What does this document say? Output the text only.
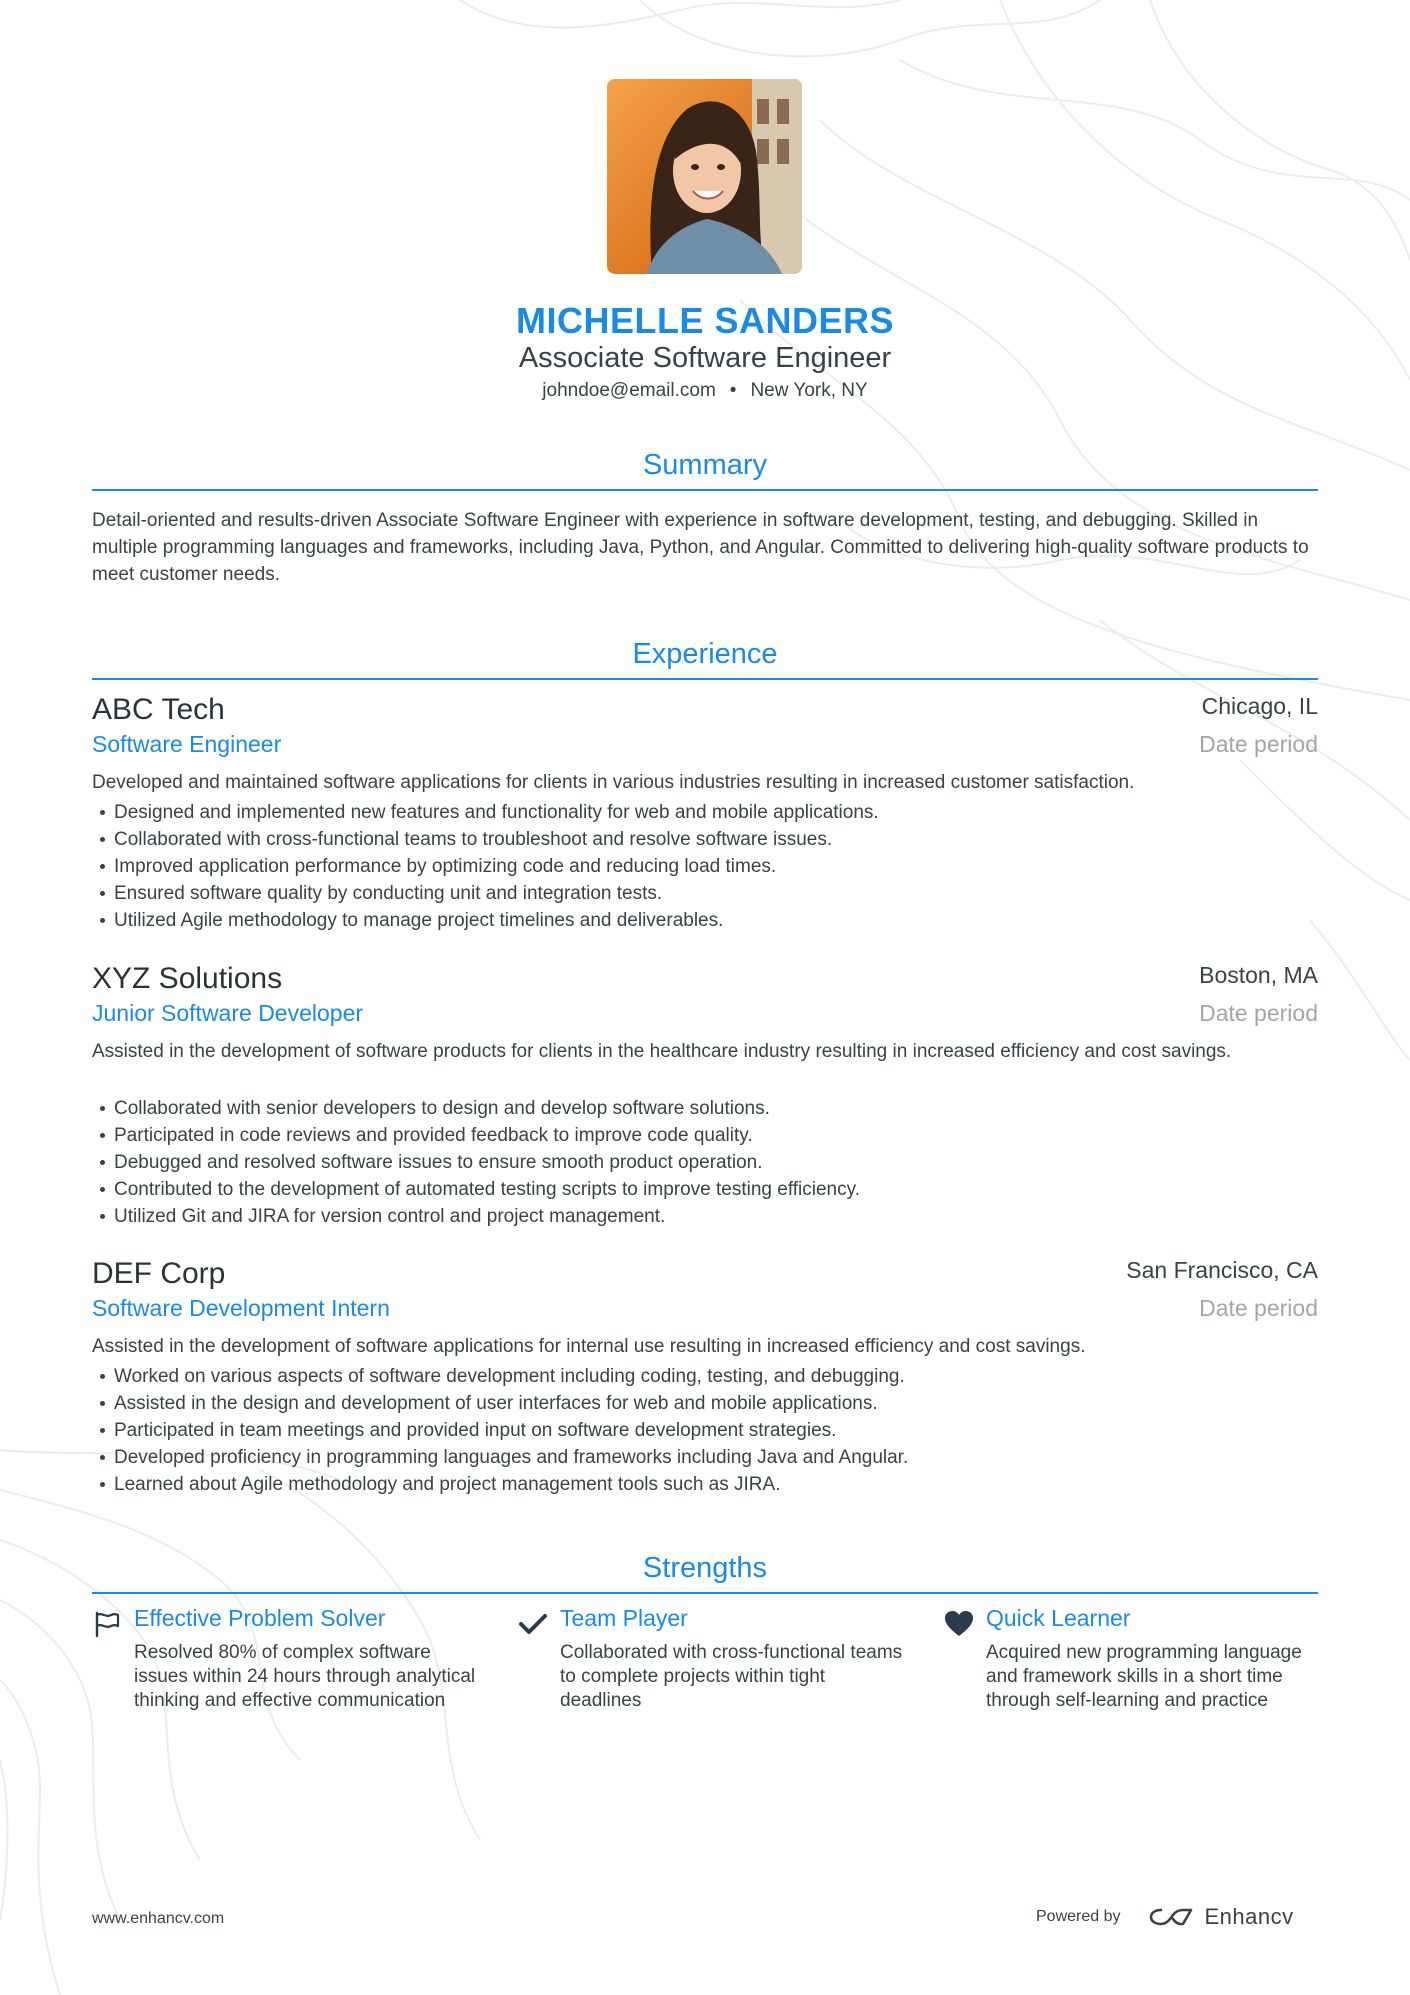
MICHELLE SANDERS
Associate Software Engineer
johndoe@email.com • New York, NY
Summary

Detail-oriented and results-driven Associate Software Engineer with experience in software development, testing, and debugging. Skilled in multiple programming languages and frameworks, including Java, Python, and Angular. Committed to delivering high-quality software products to meet customer needs.

Experience
ABC Tech	Chicago, IL
Software Engineer	Date period

Developed and maintained software applications for clients in various industries resulting in increased customer satisfaction.

Designed and implemented new features and functionality for web and mobile applications.
Collaborated with cross-functional teams to troubleshoot and resolve software issues.
Improved application performance by optimizing code and reducing load times.
Ensured software quality by conducting unit and integration tests.
Utilized Agile methodology to manage project timelines and deliverables.
XYZ Solutions	Boston, MA
Junior Software Developer	Date period

Assisted in the development of software products for clients in the healthcare industry resulting in increased efficiency and cost savings.

Collaborated with senior developers to design and develop software solutions.
Participated in code reviews and provided feedback to improve code quality.
Debugged and resolved software issues to ensure smooth product operation.
Contributed to the development of automated testing scripts to improve testing efficiency.
Utilized Git and JIRA for version control and project management.
DEF Corp	San Francisco, CA
Software Development Intern	Date period

Assisted in the development of software applications for internal use resulting in increased efficiency and cost savings.

Worked on various aspects of software development including coding, testing, and debugging.
Assisted in the design and development of user interfaces for web and mobile applications.
Participated in team meetings and provided input on software development strategies.
Developed proficiency in programming languages and frameworks including Java and Angular.
Learned about Agile methodology and project management tools such as JIRA.
Strengths
Effective Problem Solver

Resolved 80% of complex software issues within 24 hours through analytical thinking and effective communication

Team Player

Collaborated with cross-functional teams to complete projects within tight deadlines

Quick Learner

Acquired new programming language and framework skills in a short time through self-learning and practice

www.enhancv.com	Powered by	Enhancv
